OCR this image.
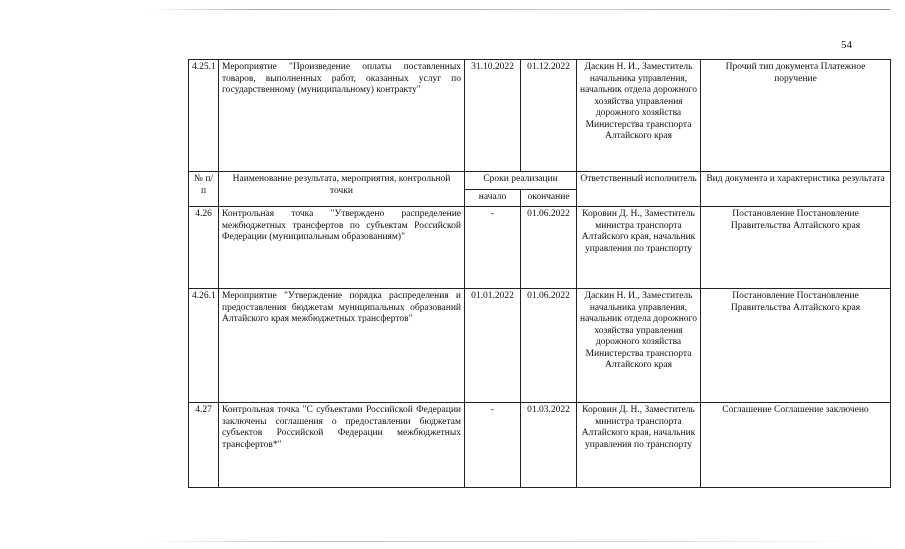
54
4.25.1	Мероприятие "Произведение оплаты поставленных товаров, выполненных работ, оказанных услуг по государственному (муниципальному) контракту"	31.10.2022	01.12.2022	Даскин Н. И., Заместитель начальника управления, начальник отдела дорожного хозяйства управления дорожного хозяйства Министерства транспорта Алтайского края	Прочий тип документа Платежное поручение
№ п/п	Наименование результата, мероприятия, контрольной точки	Сроки реализации		Ответственный исполнитель	Вид документа и характеристика результата
		начало	окончание		
4.26	Контрольная точка "Утверждено распределение межбюджетных трансфертов по субъектам Российской Федерации (муниципальным образованиям)"	-	01.06.2022	Коровин Д. Н., Заместитель министра транспорта Алтайского края, начальник управления по транспорту	Постановление Постановление Правительства Алтайского края
4.26.1	Мероприятие "Утверждение порядка распределения и предоставления бюджетам муниципальных образований Алтайского края межбюджетных трансфертов"	01.01.2022	01.06.2022	Даскин Н. И., Заместитель начальника управления, начальник отдела дорожного хозяйства управления дорожного хозяйства Министерства транспорта Алтайского края	Постановление Постановление Правительства Алтайского края
4.27	Контрольная точка "С субъектами Российской Федерации заключены соглашения о предоставлении бюджетам субъектов Российской Федерации межбюджетных трансфертов*"	-	01.03.2022	Коровин Д. Н., Заместитель министра транспорта Алтайского края, начальник управления по транспорту	Соглашение Соглашение заключено
